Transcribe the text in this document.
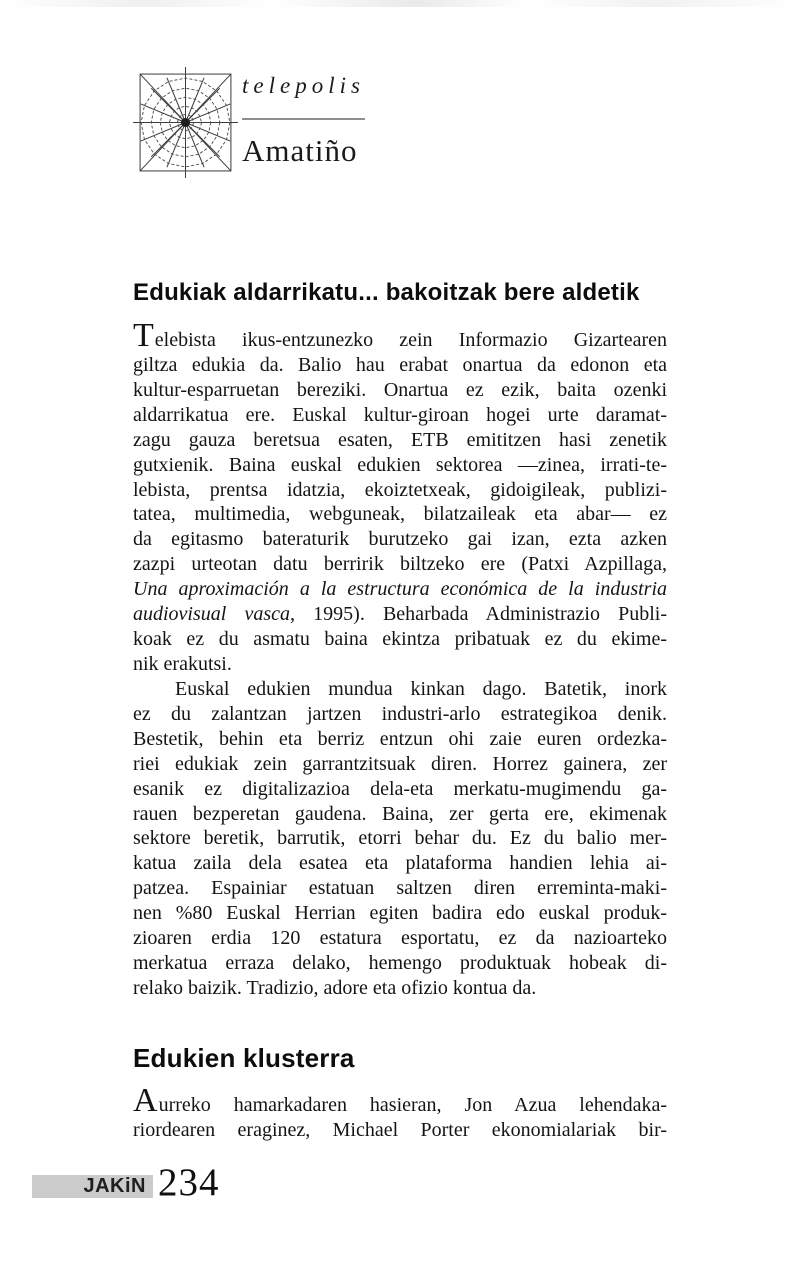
telepolis
Amatiño
Edukiak aldarrikatu... bakoitzak bere aldetik
Telebista ikus-entzunezko zein Informazio Gizartearen
giltza edukia da. Balio hau erabat onartua da edonon eta
kultur-esparruetan bereziki. Onartua ez ezik, baita ozenki
aldarrikatua ere. Euskal kultur-giroan hogei urte daramat-
zagu gauza beretsua esaten, ETB emititzen hasi zenetik
gutxienik. Baina euskal edukien sektorea —zinea, irrati-te-
lebista, prentsa idatzia, ekoiztetxeak, gidoigileak, publizi-
tatea, multimedia, webguneak, bilatzaileak eta abar— ez
da egitasmo bateraturik burutzeko gai izan, ezta azken
zazpi urteotan datu berririk biltzeko ere (Patxi Azpillaga,
Una aproximación a la estructura económica de la industria
audiovisual vasca, 1995). Beharbada Administrazio Publi-
koak ez du asmatu baina ekintza pribatuak ez du ekime-
nik erakutsi.
Euskal edukien mundua kinkan dago. Batetik, inork
ez du zalantzan jartzen industri-arlo estrategikoa denik.
Bestetik, behin eta berriz entzun ohi zaie euren ordezka-
riei edukiak zein garrantzitsuak diren. Horrez gainera, zer
esanik ez digitalizazioa dela-eta merkatu-mugimendu ga-
rauen bezperetan gaudena. Baina, zer gerta ere, ekimenak
sektore beretik, barrutik, etorri behar du. Ez du balio mer-
katua zaila dela esatea eta plataforma handien lehia ai-
patzea. Espainiar estatuan saltzen diren erreminta-maki-
nen %80 Euskal Herrian egiten badira edo euskal produk-
zioaren erdia 120 estatura esportatu, ez da nazioarteko
merkatua erraza delako, hemengo produktuak hobeak di-
relako baizik. Tradizio, adore eta ofizio kontua da.
Edukien klusterra
Aurreko hamarkadaren hasieran, Jon Azua lehendaka-
riordearen eraginez, Michael Porter ekonomialariak bir-
JAKiN 234
